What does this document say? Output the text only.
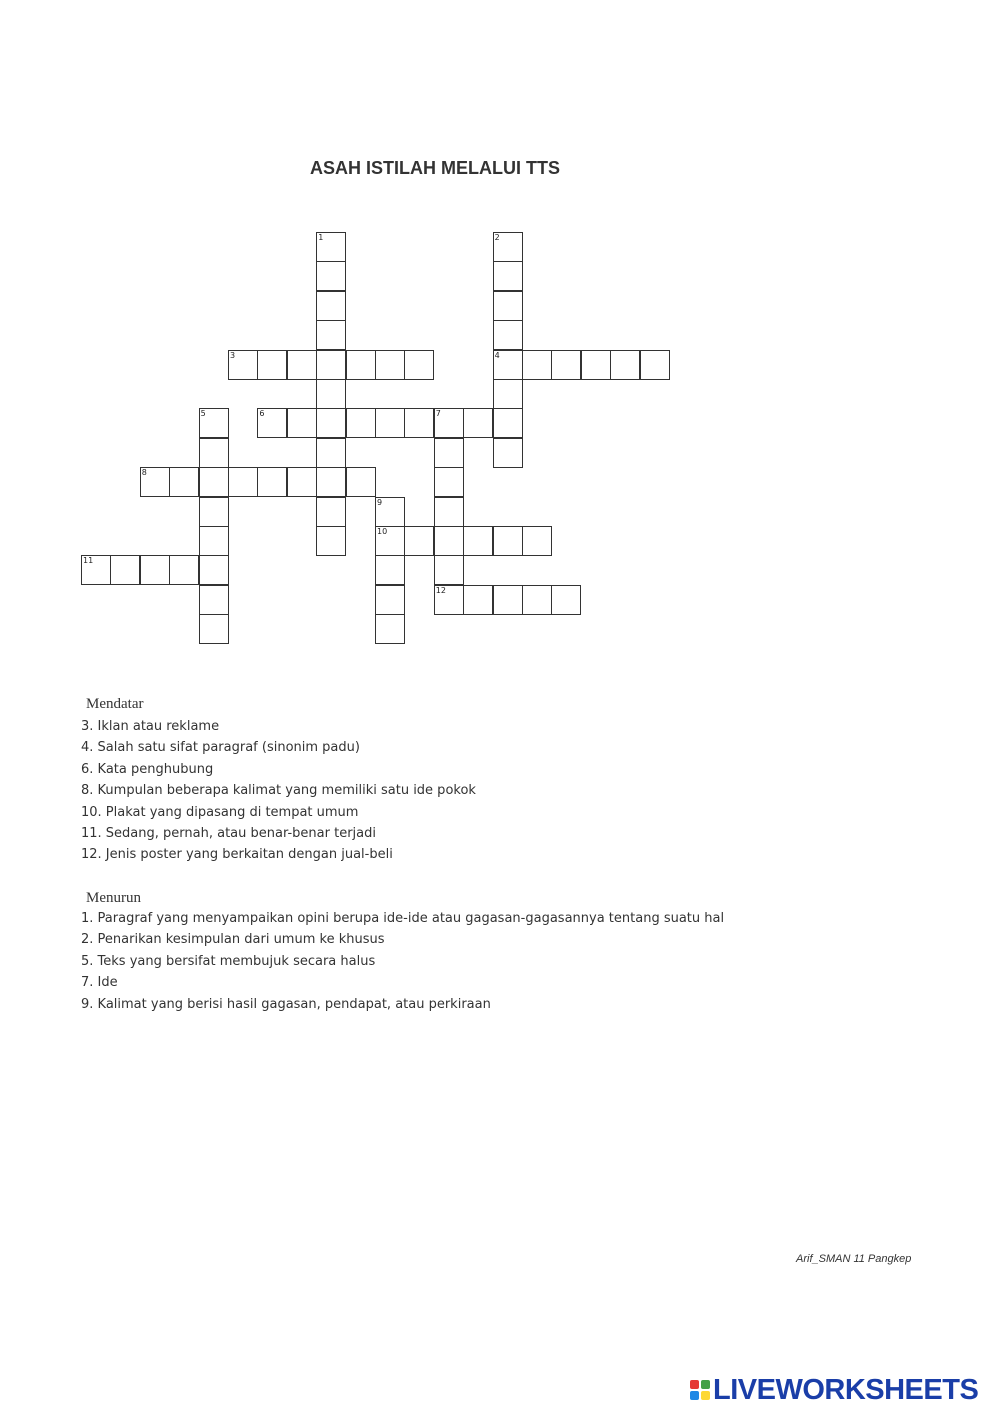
ASAH ISTILAH MELALUI TTS
1	2
3	4
5	6	7
8
9
10
11
12
Mendatar
3. Iklan atau reklame
4. Salah satu sifat paragraf (sinonim padu)
6. Kata penghubung
8. Kumpulan beberapa kalimat yang memiliki satu ide pokok
10. Plakat yang dipasang di tempat umum
11. Sedang, pernah, atau benar-benar terjadi
12. Jenis poster yang berkaitan dengan jual-beli
Menurun
1. Paragraf yang menyampaikan opini berupa ide-ide atau gagasan-gagasannya tentang suatu hal
2. Penarikan kesimpulan dari umum ke khusus
5. Teks yang bersifat membujuk secara halus
7. Ide
9. Kalimat yang berisi hasil gagasan, pendapat, atau perkiraan
Arif_SMAN 11 Pangkep
LIVEWORKSHEETS
